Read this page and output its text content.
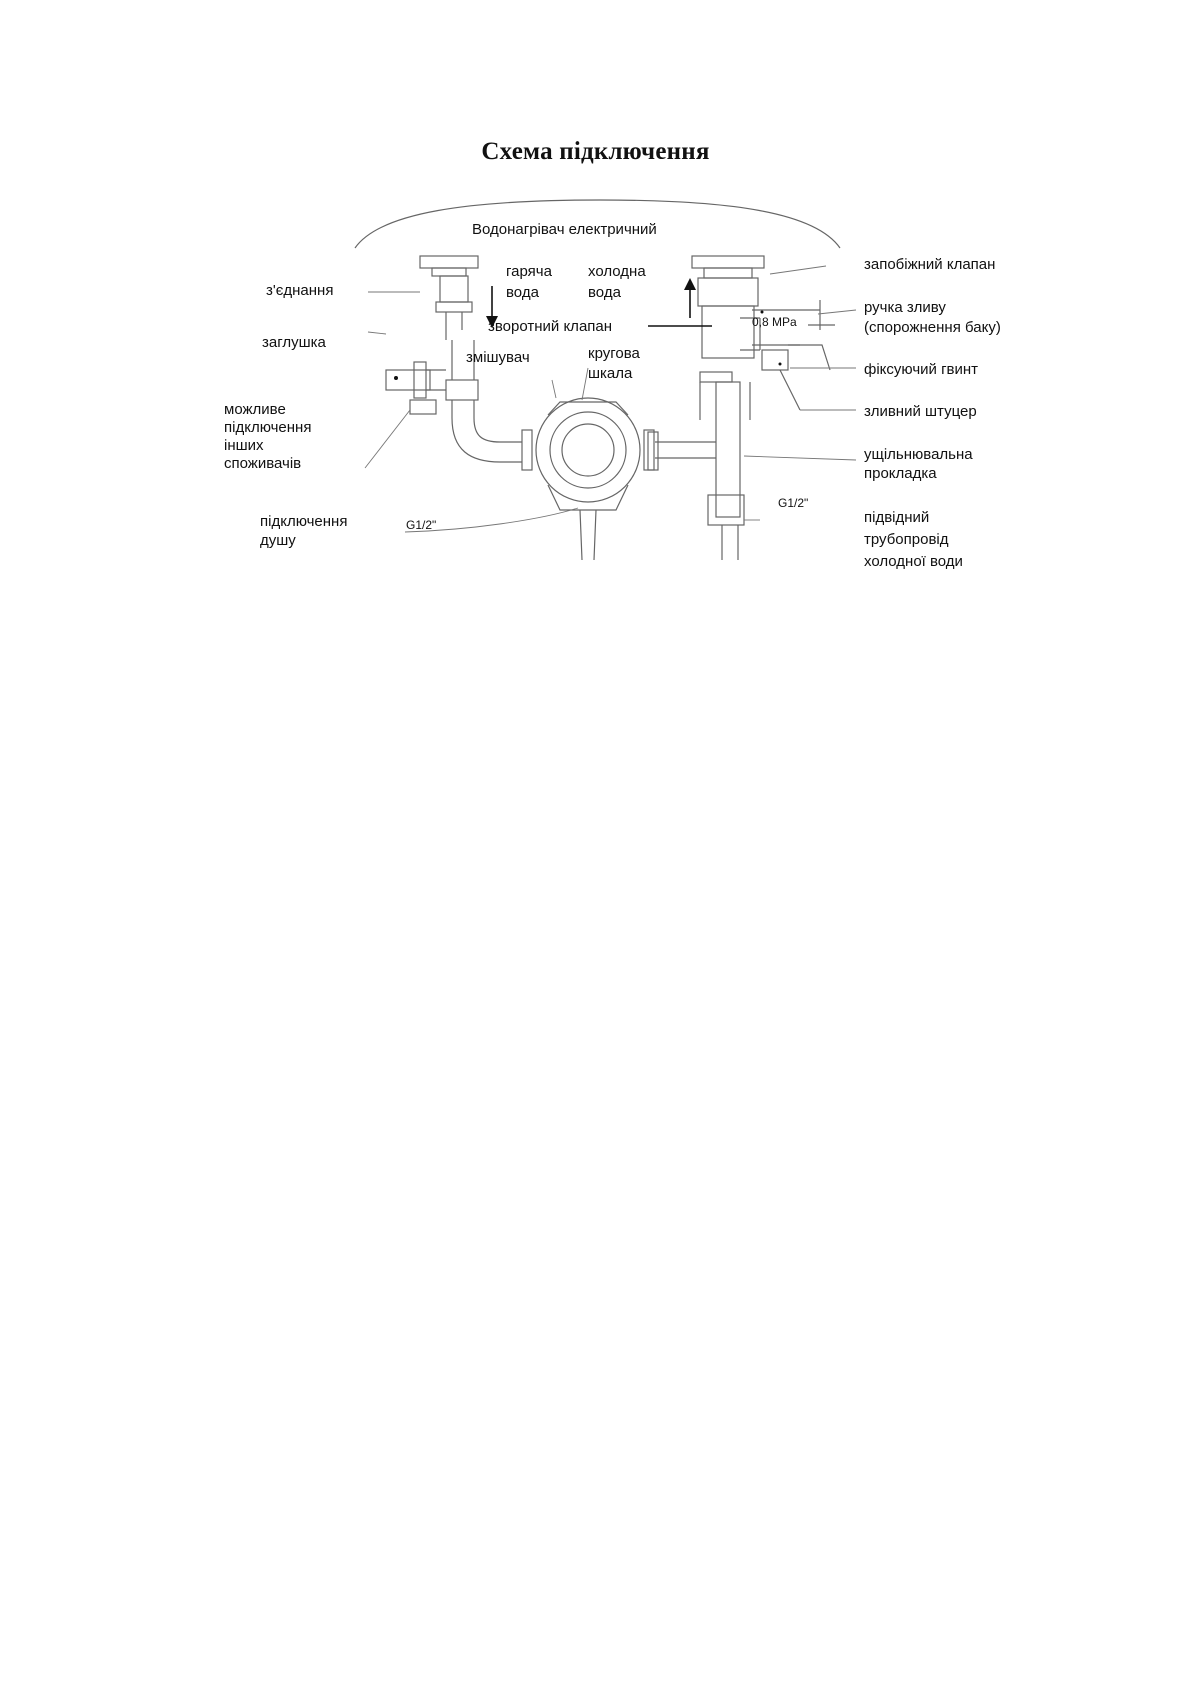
Схема підключення
Водонагрівач електричний
з'єднання
заглушка
можливе
підключення
інших
споживачів
підключення
душу
G1/2"
гаряча
вода
холодна
вода
зворотний клапан
змішувач	кругова
шкала
0,8 MPa
запобіжний клапан
ручка зливу
(спорожнення баку)
фіксуючий гвинт
зливний штуцер
ущільнювальна
прокладка
G1/2"
підвідний
трубопровід
холодної води
